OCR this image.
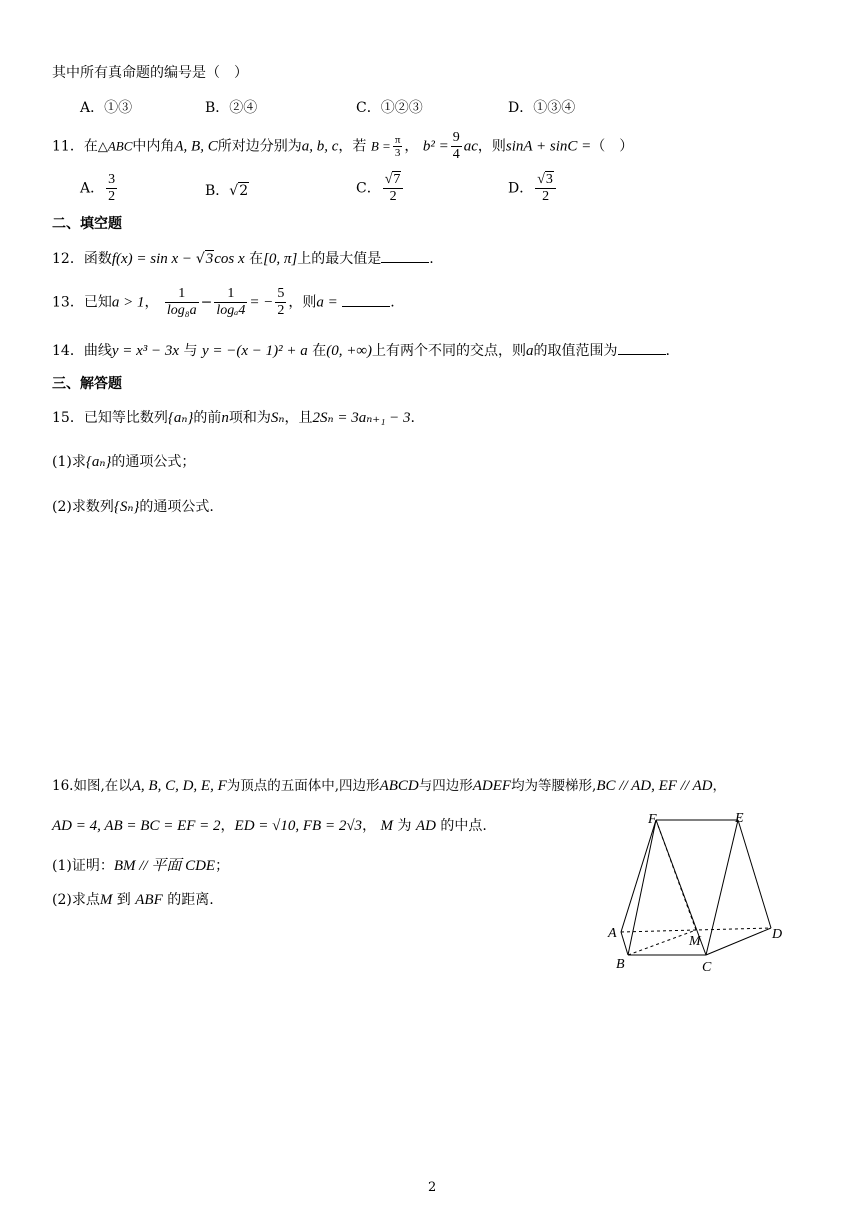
其中所有真命题的编号是（　）
A．①③	B．②④	C．①②③	D．①③④
11．在△ABC中内角A, B, C所对边分别为a, b, c，若 $B = \frac{\pi}{3}$ ， $b^2 = \frac{9}{4}$ ac，则sinA + sinC =（　）
A． $\frac{3}{2}$	B．√2	C． $\frac{√7}{2}$	D． $\frac{√3}{2}$
二、填空题
12．函数f(x) = sin x − √3cos x 在[0, π]上的最大值是	.
13．已知a > 1， $\frac{1}{\text{log₈a}} - \frac{1}{\text{logₐ4}}$ = − $\frac{5}{2}$ ，则a =	.
14．曲线y = x³ − 3x 与 y = −(x − 1)² + a 在(0, +∞)上有两个不同的交点，则a的取值范围为	.
三、解答题
15．已知等比数列{aₙ}的前n项和为Sₙ，且2Sₙ = 3aₙ₊₁ − 3.
(1)求{aₙ}的通项公式；
(2)求数列{Sₙ}的通项公式.
16.如图,在以A, B, C, D, E, F为顶点的五面体中,四边形ABCD与四边形ADEF均为等腰梯形,BC // AD, EF // AD，
AD = 4, AB = BC = EF = 2，ED = √10, FB = 2√3， M 为 AD 的中点.
(1)证明：BM // 平面 CDE；
(2)求点M 到 ABF 的距离.
F	E
A	D
M
B	C
2
